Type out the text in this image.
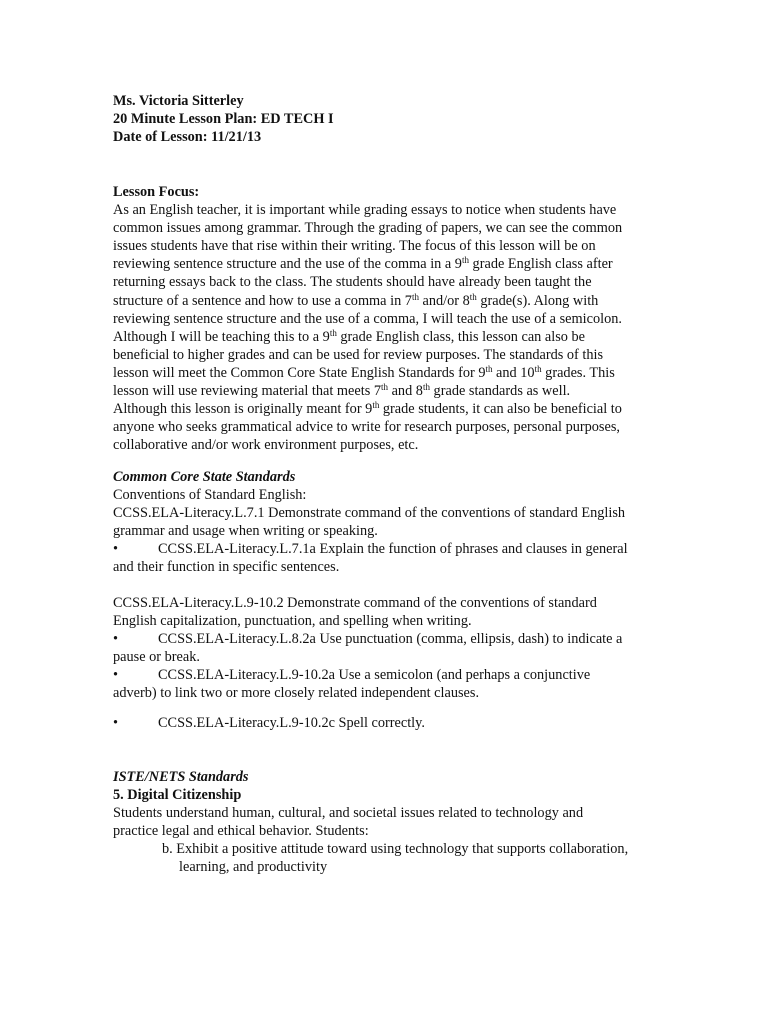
Ms. Victoria Sitterley
20 Minute Lesson Plan: ED TECH I
Date of Lesson: 11/21/13
Lesson Focus:
As an English teacher, it is important while grading essays to notice when students have
common issues among grammar. Through the grading of papers, we can see the common
issues students have that rise within their writing. The focus of this lesson will be on
reviewing sentence structure and the use of the comma in a 9th grade English class after
returning essays back to the class. The students should have already been taught the
structure of a sentence and how to use a comma in 7th and/or 8th grade(s). Along with
reviewing sentence structure and the use of a comma, I will teach the use of a semicolon.
Although I will be teaching this to a 9th grade English class, this lesson can also be
beneficial to higher grades and can be used for review purposes. The standards of this
lesson will meet the Common Core State English Standards for 9th and 10th grades. This
lesson will use reviewing material that meets 7th and 8th grade standards as well.
Although this lesson is originally meant for 9th grade students, it can also be beneficial to
anyone who seeks grammatical advice to write for research purposes, personal purposes,
collaborative and/or work environment purposes, etc.
Common Core State Standards
Conventions of Standard English:
CCSS.ELA-Literacy.L.7.1 Demonstrate command of the conventions of standard English
grammar and usage when writing or speaking.
•	CCSS.ELA-Literacy.L.7.1a Explain the function of phrases and clauses in general
and their function in specific sentences.
CCSS.ELA-Literacy.L.9-10.2 Demonstrate command of the conventions of standard
English capitalization, punctuation, and spelling when writing.
•	CCSS.ELA-Literacy.L.8.2a Use punctuation (comma, ellipsis, dash) to indicate a
pause or break.
•	CCSS.ELA-Literacy.L.9-10.2a Use a semicolon (and perhaps a conjunctive
adverb) to link two or more closely related independent clauses.
•	CCSS.ELA-Literacy.L.9-10.2c Spell correctly.
ISTE/NETS Standards
5. Digital Citizenship
Students understand human, cultural, and societal issues related to technology and
practice legal and ethical behavior. Students:
b. Exhibit a positive attitude toward using technology that supports collaboration,
learning, and productivity
